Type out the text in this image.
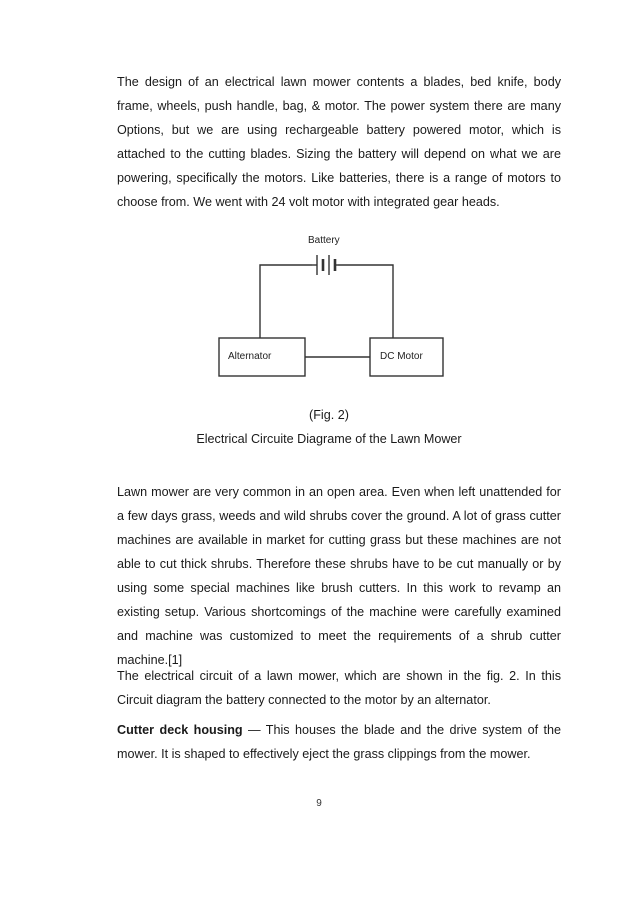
The design of an electrical lawn mower contents a blades, bed knife, body frame, wheels, push handle, bag, & motor. The power system there are many Options, but we are using rechargeable battery powered motor, which is attached to the cutting blades. Sizing the battery will depend on what we are powering, specifically the motors. Like batteries, there is a range of motors to choose from. We went with 24 volt motor with integrated gear heads.

Battery
Alternator	DC Motor

(Fig. 2)

Electrical Circuite Diagrame of the Lawn Mower

Lawn mower are very common in an open area. Even when left unattended for a few days grass, weeds and wild shrubs cover the ground. A lot of grass cutter machines are available in market for cutting grass but these machines are not able to cut thick shrubs. Therefore these shrubs have to be cut manually or by using some special machines like brush cutters. In this work to revamp an existing setup. Various shortcomings of the machine were carefully examined and machine was customized to meet the requirements of a shrub cutter machine.[1]

The electrical circuit of a lawn mower, which are shown in the fig. 2. In this Circuit diagram the battery connected to the motor by an alternator.

Cutter deck housing — This houses the blade and the drive system of the mower. It is shaped to effectively eject the grass clippings from the mower.

9
